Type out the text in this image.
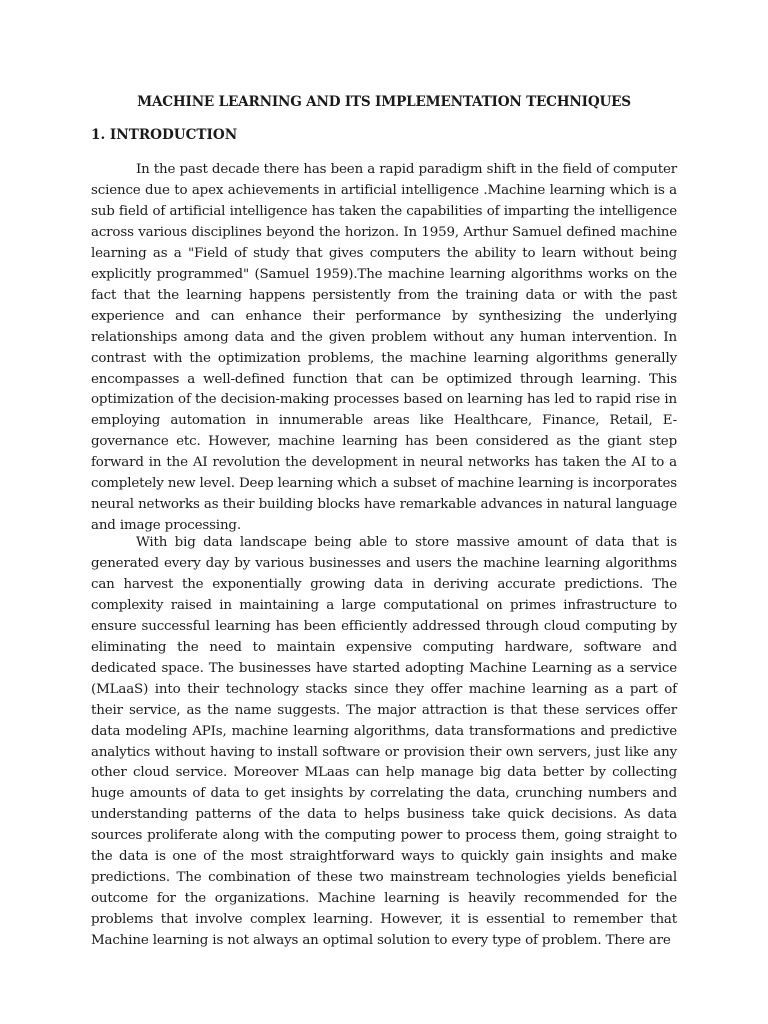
MACHINE LEARNING AND ITS IMPLEMENTATION TECHNIQUES
1. INTRODUCTION

In the past decade there has been a rapid paradigm shift in the field of computer science due to apex achievements in artificial intelligence .Machine learning which is a sub field of artificial intelligence has taken the capabilities of imparting the intelligence across various disciplines beyond the horizon. In 1959, Arthur Samuel defined machine learning as a "Field of study that gives computers the ability to learn without being explicitly programmed" (Samuel 1959).The machine learning algorithms works on the fact that the learning happens persistently from the training data or with the past experience and can enhance their performance by synthesizing the underlying relationships among data and the given problem without any human intervention. In contrast with the optimization problems, the machine learning algorithms generally encompasses a well-defined function that can be optimized through learning. This optimization of the decision-making processes based on learning has led to rapid rise in employing automation in innumerable areas like Healthcare, Finance, Retail, E-governance etc. However, machine learning has been considered as the giant step forward in the AI revolution the development in neural networks has taken the AI to a completely new level. Deep learning which a subset of machine learning is incorporates neural networks as their building blocks have remarkable advances in natural language and image processing.

With big data landscape being able to store massive amount of data that is generated every day by various businesses and users the machine learning algorithms can harvest the exponentially growing data in deriving accurate predictions. The complexity raised in maintaining a large computational on primes infrastructure to ensure successful learning has been efficiently addressed through cloud computing by eliminating the need to maintain expensive computing hardware, software and dedicated space. The businesses have started adopting Machine Learning as a service (MLaaS) into their technology stacks since they offer machine learning as a part of their service, as the name suggests. The major attraction is that these services offer data modeling APIs, machine learning algorithms, data transformations and predictive analytics without having to install software or provision their own servers, just like any other cloud service. Moreover MLaas can help manage big data better by collecting huge amounts of data to get insights by correlating the data, crunching numbers and understanding patterns of the data to helps business take quick decisions. As data sources proliferate along with the computing power to process them, going straight to the data is one of the most straightforward ways to quickly gain insights and make predictions. The combination of these two mainstream technologies yields beneficial outcome for the organizations. Machine learning is heavily recommended for the problems that involve complex learning. However, it is essential to remember that Machine learning is not always an optimal solution to every type of problem. There are
